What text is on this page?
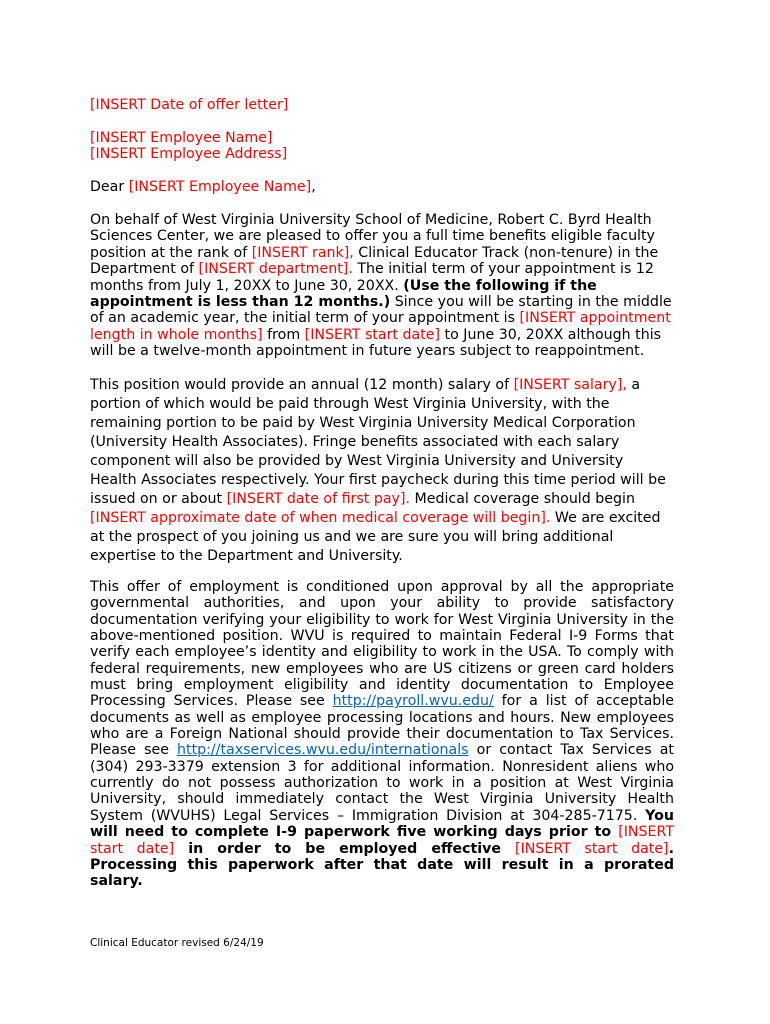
[INSERT Date of offer letter]

[INSERT Employee Name]
[INSERT Employee Address]

Dear [INSERT Employee Name],

On behalf of West Virginia University School of Medicine, Robert C. Byrd Health Sciences Center, we are pleased to offer you a full time benefits eligible faculty position at the rank of [INSERT rank], Clinical Educator Track (non-tenure) in the Department of [INSERT department]. The initial term of your appointment is 12 months from July 1, 20XX to June 30, 20XX. (Use the following if the appointment is less than 12 months.) Since you will be starting in the middle of an academic year, the initial term of your appointment is [INSERT appointment length in whole months] from [INSERT start date] to June 30, 20XX although this will be a twelve-month appointment in future years subject to reappointment.

This position would provide an annual (12 month) salary of [INSERT salary], a portion of which would be paid through West Virginia University, with the remaining portion to be paid by West Virginia University Medical Corporation (University Health Associates). Fringe benefits associated with each salary component will also be provided by West Virginia University and University Health Associates respectively. Your first paycheck during this time period will be issued on or about [INSERT date of first pay]. Medical coverage should begin [INSERT approximate date of when medical coverage will begin]. We are excited at the prospect of you joining us and we are sure you will bring additional expertise to the Department and University.

This offer of employment is conditioned upon approval by all the appropriate governmental authorities, and upon your ability to provide satisfactory documentation verifying your eligibility to work for West Virginia University in the above-mentioned position. WVU is required to maintain Federal I-9 Forms that verify each employee’s identity and eligibility to work in the USA. To comply with federal requirements, new employees who are US citizens or green card holders must bring employment eligibility and identity documentation to Employee Processing Services. Please see http://payroll.wvu.edu/ for a list of acceptable documents as well as employee processing locations and hours. New employees who are a Foreign National should provide their documentation to Tax Services. Please see http://taxservices.wvu.edu/internationals or contact Tax Services at (304) 293-3379 extension 3 for additional information. Nonresident aliens who currently do not possess authorization to work in a position at West Virginia University, should immediately contact the West Virginia University Health System (WVUHS) Legal Services – Immigration Division at 304-285-7175. You will need to complete I-9 paperwork five working days prior to [INSERT start date] in order to be employed effective [INSERT start date]. Processing this paperwork after that date will result in a prorated salary.

Clinical Educator revised 6/24/19
